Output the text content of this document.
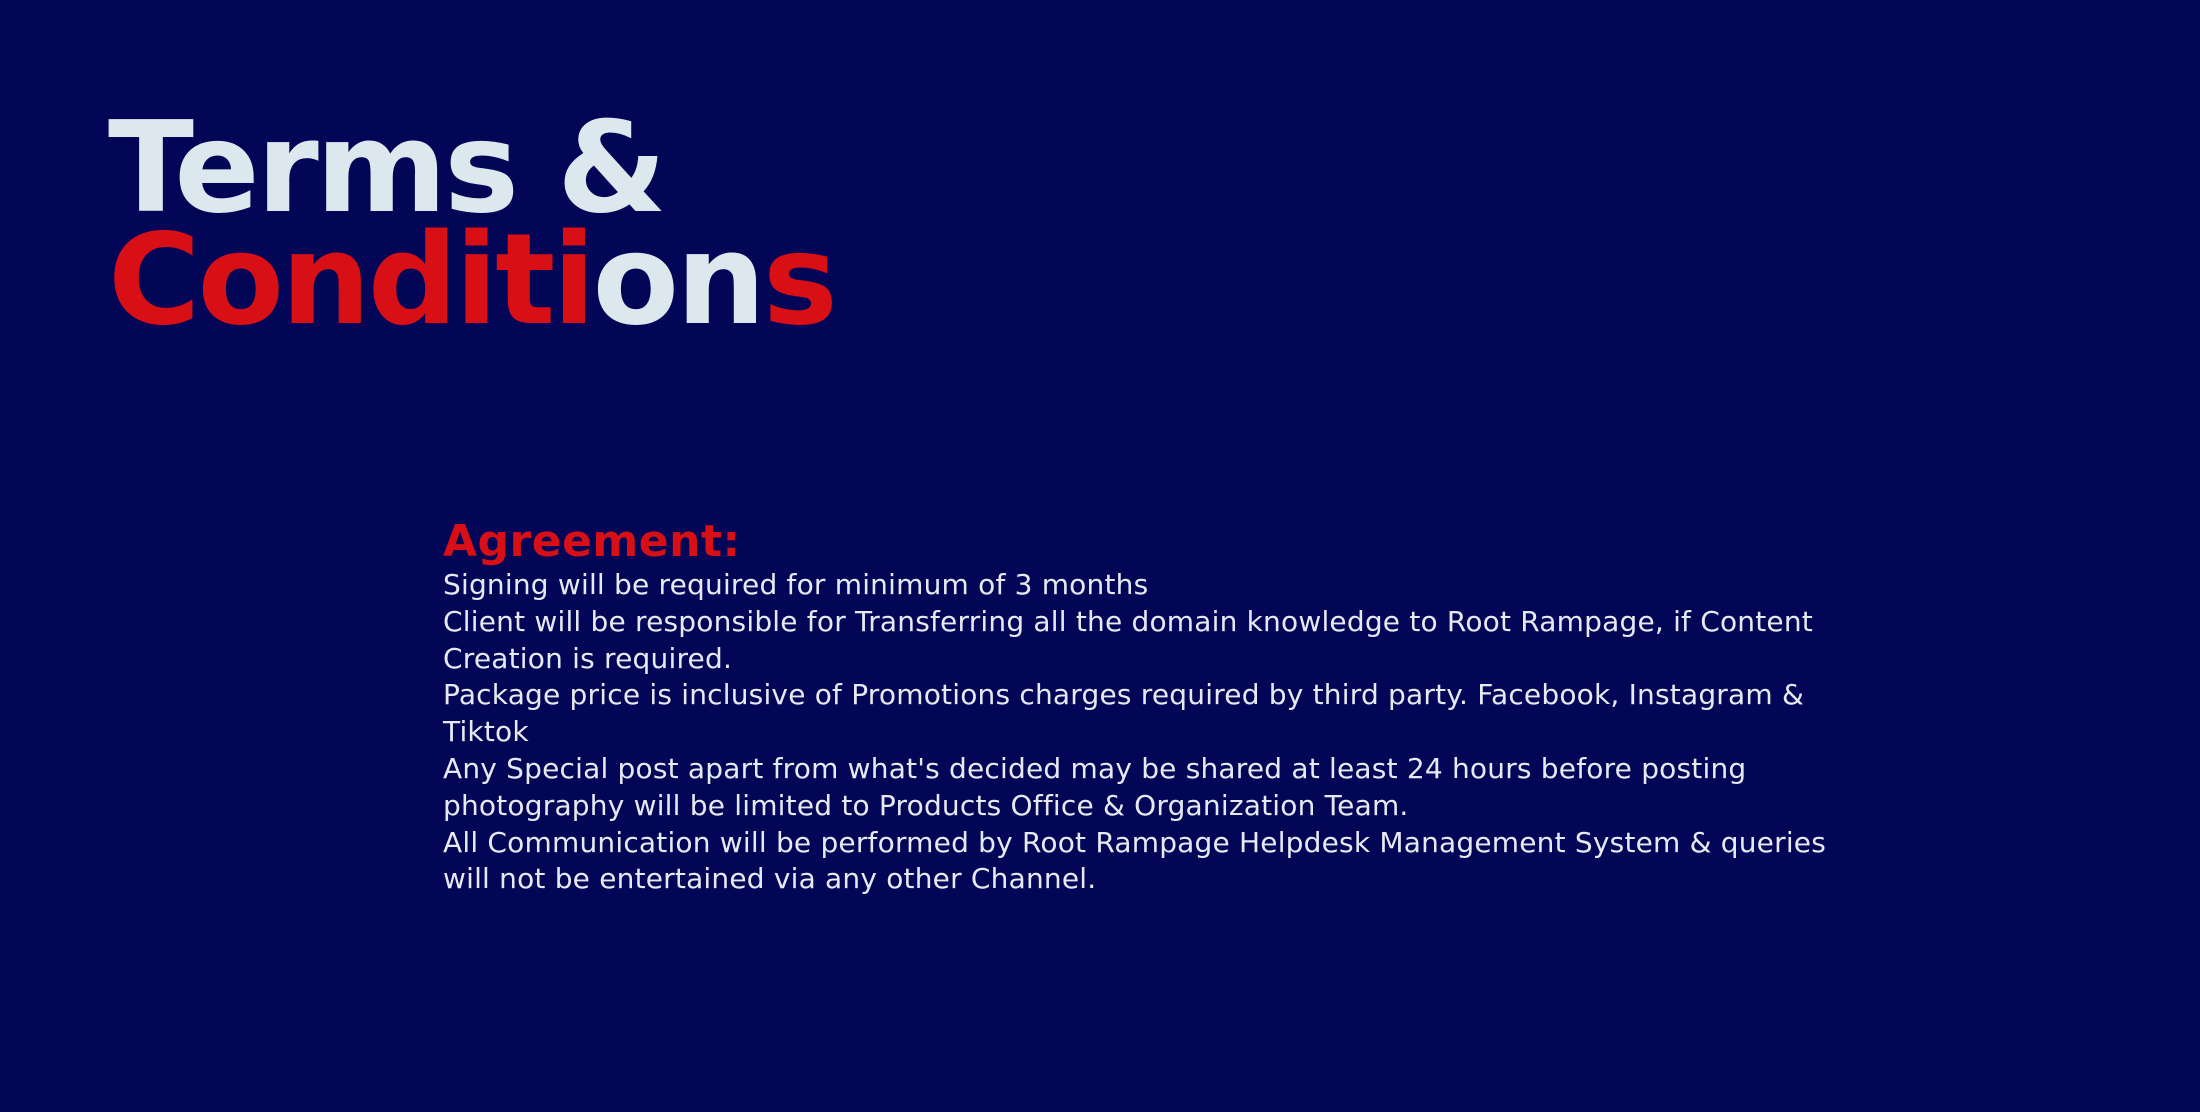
Terms &
Conditions
Agreement:
Signing will be required for minimum of 3 months
Client will be responsible for Transferring all the domain knowledge to Root Rampage, if Content Creation is required.
Package price is inclusive of Promotions charges required by third party. Facebook, Instagram & Tiktok
Any Special post apart from what's decided may be shared at least 24 hours before posting
photography will be limited to Products Office & Organization Team.
All Communication will be performed by Root Rampage Helpdesk Management System & queries will not be entertained via any other Channel.
